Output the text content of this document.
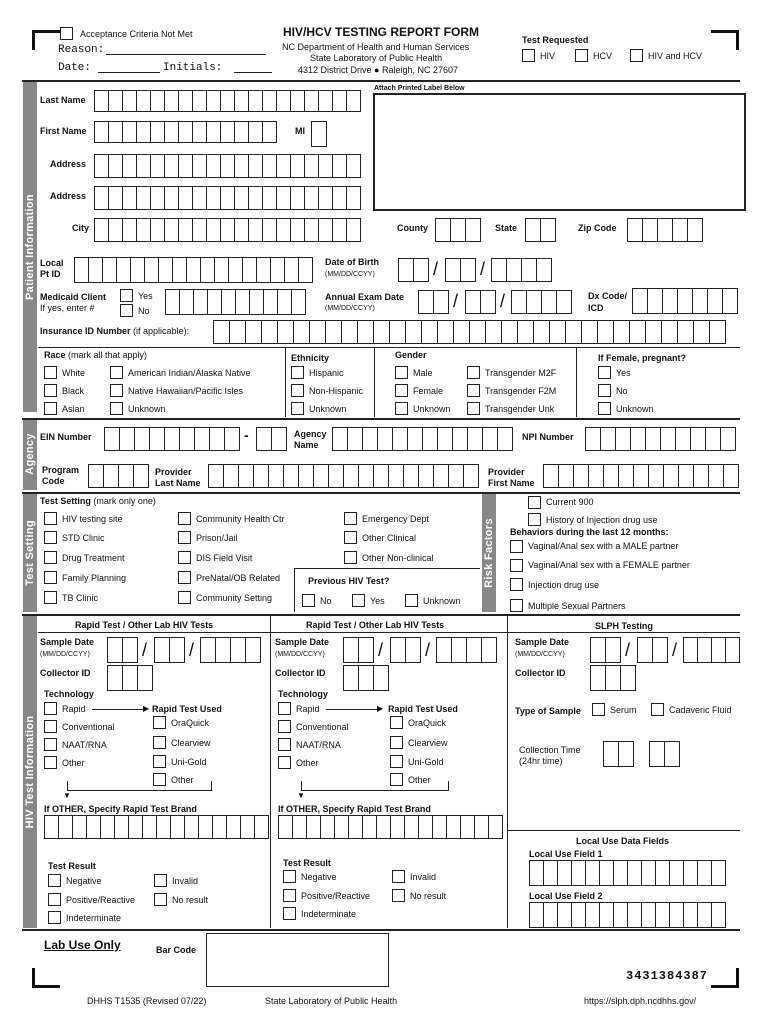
Acceptance Criteria Not Met
Reason:
Date:	Initials:
HIV/HCV TESTING REPORT FORM
NC Department of Health and Human Services
State Laboratory of Public Health
4312 District Drive ● Raleigh, NC 27607
Test Requested
HIV	HCV	HIV and HCV
Patient Information
Agency
Test Setting
HIV Test Information
Attach Printed Label Below
Last Name
First Name	MI
Address
Address
City	County	State	Zip Code
Local
Pt ID
Date of Birth
(MM/DD/CCYY)	/ /
Medicaid Client
If yes, enter #
Yes
No
Annual Exam Date
(MM/DD/CCYY)	/ /	Dx Code/
ICD
Insurance ID Number (if applicable):
Race (mark all that apply)
White
Black
Asian
American Indian/Alaska Native
Native Hawaiian/Pacific Isles
Unknown
Ethnicity
Hispanic
Non-Hispanic
Unknown
Gender
Male
Female
Unknown
Transgender M2F
Transgender F2M
Transgender Unk
If Female, pregnant?
Yes
No
Unknown
EIN Number	-	Agency
Name
NPI Number
Program
Code
Provider
Last Name
Provider
First Name
Test Setting (mark only one)
HIV testing site
STD Clinic
Drug Treatment
Family Planning
TB Clinic
Community Health Ctr
Prison/Jail
DIS Field Visit
PreNatal/OB Related
Community Setting
Emergency Dept
Other Clinical
Other Non-clinical
Previous HIV Test?
No	Yes	Unknown
Risk Factors
Current 900
History of Injection drug use
Behaviors during the last 12 months:
Vaginal/Anal sex with a MALE partner
Vaginal/Anal sex with a FEMALE partner
Injection drug use
Multiple Sexual Partners
Rapid Test / Other Lab HIV Tests
Sample Date
(MM/DD/CCYY)	/ /
Collector ID
Technology
Rapid	▶ Rapid Test Used
Conventional
NAAT/RNA
Other
OraQuick
Clearview
Uni-Gold
Other
▼
If OTHER, Specify Rapid Test Brand
Test Result
Negative
Positive/Reactive
Indeterminate
Invalid
No result
Rapid Test / Other Lab HIV Tests
Sample Date
(MM/DD/CCYY)	/ /
Collector ID
Technology
Rapid	▶ Rapid Test Used
Conventional
NAAT/RNA
Other
OraQuick
Clearview
Uni-Gold
Other
▼
If OTHER, Specify Rapid Test Brand
Test Result
Negative
Positive/Reactive
Indeterminate
Invalid
No result
SLPH Testing
Sample Date
(MM/DD/CCYY)	/ /
Collector ID
Type of Sample	Serum	Cadaveric Fluid
Collection Time
(24hr time)
Local Use Data Fields
Local Use Field 1
Local Use Field 2
Lab Use Only	Bar Code
3431384387
DHHS T1535 (Revised 07/22)	State Laboratory of Public Health	https://slph.dph.ncdhhs.gov/
